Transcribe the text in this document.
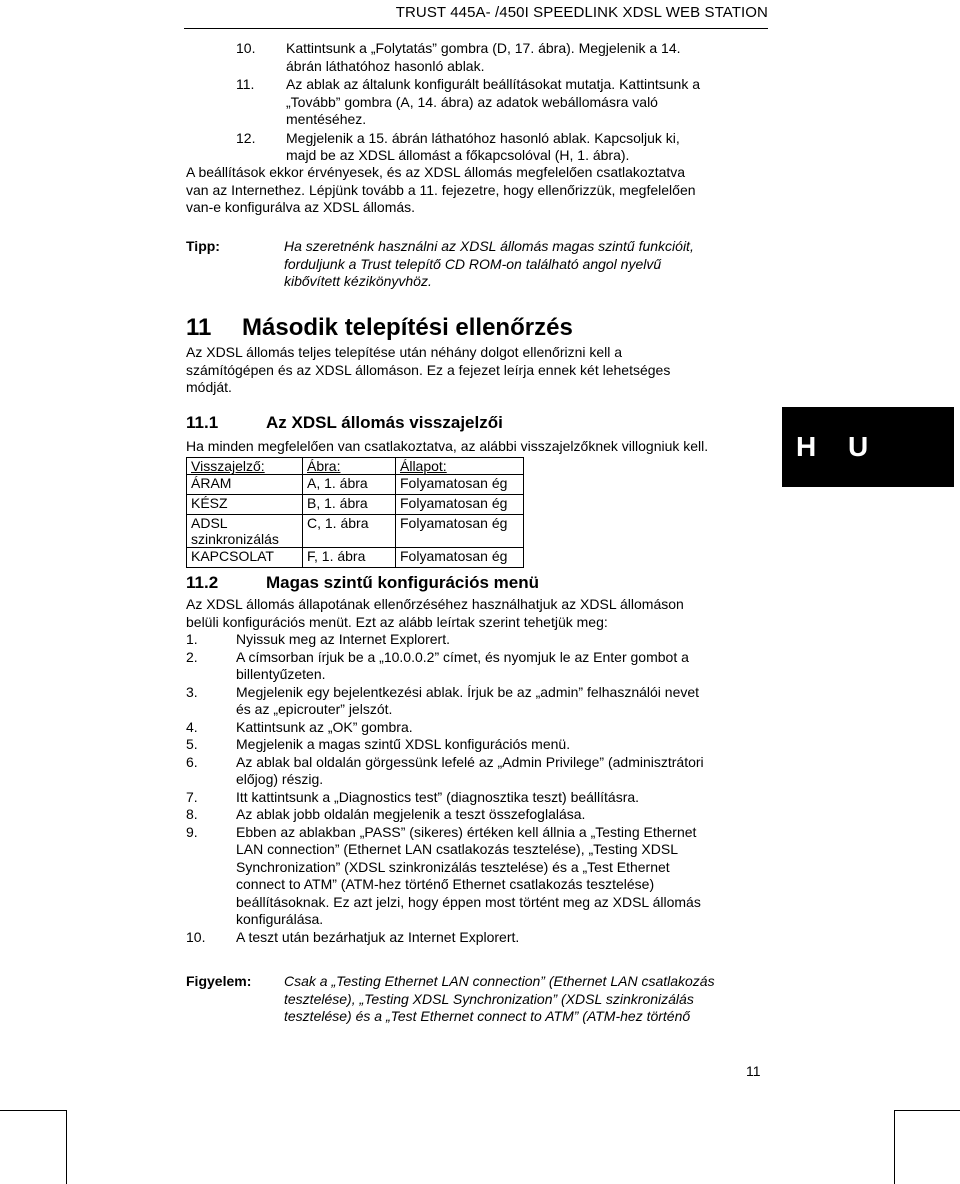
TRUST 445A- /450I SPEEDLINK XDSL WEB STATION
10.	Kattintsunk a „Folytatás” gombra (D, 17. ábra). Megjelenik a 14.
ábrán láthatóhoz hasonló ablak.
11.	Az ablak az általunk konfigurált beállításokat mutatja. Kattintsunk a
„Tovább” gombra (A, 14. ábra) az adatok webállomásra való
mentéséhez.
12.	Megjelenik a 15. ábrán láthatóhoz hasonló ablak. Kapcsoljuk ki,
majd be az XDSL állomást a főkapcsolóval (H, 1. ábra).
A beállítások ekkor érvényesek, és az XDSL állomás megfelelően csatlakoztatva
van az Internethez. Lépjünk tovább a 11. fejezetre, hogy ellenőrizzük, megfelelően
van-e konfigurálva az XDSL állomás.
Tipp:	Ha szeretnénk használni az XDSL állomás magas szintű funkcióit,
forduljunk a Trust telepítő CD ROM-on található angol nyelvű
kibővített kézikönyvhöz.
11 Második telepítési ellenőrzés
Az XDSL állomás teljes telepítése után néhány dolgot ellenőrizni kell a
számítógépen és az XDSL állomáson. Ez a fejezet leírja ennek két lehetséges
módját.
11.1	Az XDSL állomás visszajelzői
Ha minden megfelelően van csatlakoztatva, az alábbi visszajelzőknek villogniuk kell.
Visszajelző:	Ábra:	Állapot:
ÁRAM	A, 1. ábra	Folyamatosan ég
KÉSZ	B, 1. ábra	Folyamatosan ég
ADSL szinkronizálás	C, 1. ábra	Folyamatosan ég
KAPCSOLAT	F, 1. ábra	Folyamatosan ég
H U
11.2	Magas szintű konfigurációs menü
Az XDSL állomás állapotának ellenőrzéséhez használhatjuk az XDSL állomáson
belüli konfigurációs menüt. Ezt az alább leírtak szerint tehetjük meg:
1.	Nyissuk meg az Internet Explorert.
2.	A címsorban írjuk be a „10.0.0.2” címet, és nyomjuk le az Enter gombot a
billentyűzeten.
3.	Megjelenik egy bejelentkezési ablak. Írjuk be az „admin” felhasználói nevet
és az „epicrouter” jelszót.
4.	Kattintsunk az „OK” gombra.
5.	Megjelenik a magas szintű XDSL konfigurációs menü.
6.	Az ablak bal oldalán görgessünk lefelé az „Admin Privilege” (adminisztrátori
előjog) részig.
7.	Itt kattintsunk a „Diagnostics test” (diagnosztika teszt) beállításra.
8.	Az ablak jobb oldalán megjelenik a teszt összefoglalása.
9.	Ebben az ablakban „PASS” (sikeres) értéken kell állnia a „Testing Ethernet
LAN connection” (Ethernet LAN csatlakozás tesztelése), „Testing XDSL
Synchronization” (XDSL szinkronizálás tesztelése) és a „Test Ethernet
connect to ATM” (ATM-hez történő Ethernet csatlakozás tesztelése)
beállításoknak. Ez azt jelzi, hogy éppen most történt meg az XDSL állomás
konfigurálása.
10.	A teszt után bezárhatjuk az Internet Explorert.
Figyelem: Csak a „Testing Ethernet LAN connection” (Ethernet LAN csatlakozás
tesztelése), „Testing XDSL Synchronization” (XDSL szinkronizálás
tesztelése) és a „Test Ethernet connect to ATM” (ATM-hez történő
11
